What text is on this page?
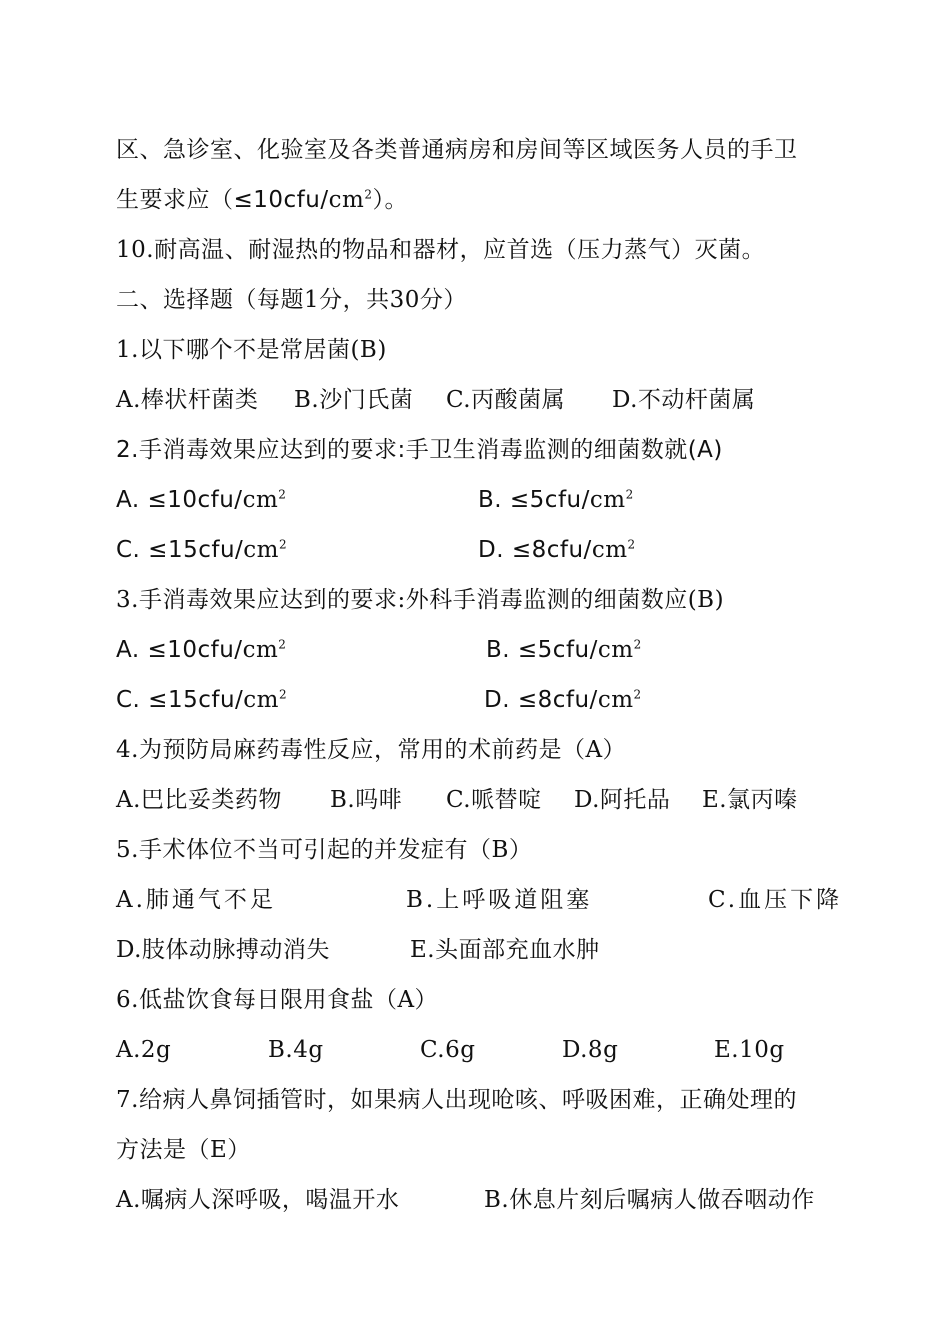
区、急诊室、化验室及各类普通病房和房间等区域医务人员的手卫
生要求应$(\le 10cfu/cm^2)$。
10.耐高温、耐湿热的物品和器材，应首选（压力蒸气）灭菌。
二、选择题（每题1分，共30分）
1.以下哪个不是常居菌(B)
A.棒状杆菌类 B.沙门氏菌 C.丙酸菌属 D.不动杆菌属
2.手消毒效果应达到的要求:手卫生消毒监测的细菌数就(A)
A. $\le 10cfu/cm^2$	B. $\le 5cfu/cm^2$
C. $\le 15cfu/cm^2$	D. $\le 8cfu/cm^2$
3.手消毒效果应达到的要求:外科手消毒监测的细菌数应(B)
A. $\le 10cfu/cm^2$	B. $\le 5cfu/cm^2$
C. $\le 15cfu/cm^2$	D. $\le 8cfu/cm^2$
4.为预防局麻药毒性反应，常用的术前药是（A）
A.巴比妥类药物 B.吗啡 C.哌替啶 D.阿托品 E.氯丙嗪
5.手术体位不当可引起的并发症有（B）
A.肺通气不足	B.上呼吸道阻塞	C.血压下降
D.肢体动脉搏动消失	E.头面部充血水肿
6.低盐饮食每日限用食盐（A）
A.2g	B.4g	C.6g	D.8g	E.10g
7.给病人鼻饲插管时，如果病人出现呛咳、呼吸困难，正确处理的
方法是（E）
A.嘱病人深呼吸，喝温开水	B.休息片刻后嘱病人做吞咽动作
